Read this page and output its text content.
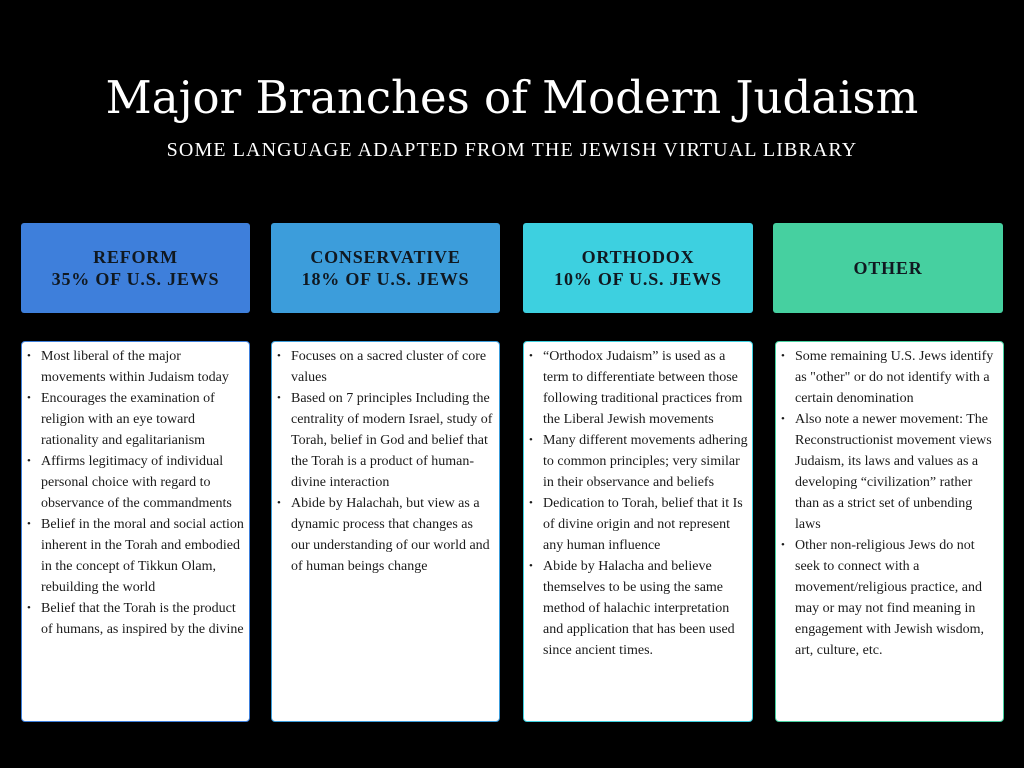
Major Branches of Modern Judaism
SOME LANGUAGE ADAPTED FROM THE JEWISH VIRTUAL LIBRARY
REFORM
35% OF U.S. JEWS
• Most liberal of the major movements within Judaism today
• Encourages the examination of religion with an eye toward rationality and egalitarianism
• Affirms legitimacy of individual personal choice with regard to observance of the commandments
• Belief in the moral and social action inherent in the Torah and embodied in the concept of Tikkun Olam, rebuilding the world
• Belief that the Torah is the product of humans, as inspired by the divine
CONSERVATIVE
18% OF U.S. JEWS
• Focuses on a sacred cluster of core values
• Based on 7 principles Including the centrality of modern Israel, study of Torah, belief in God and belief that the Torah is a product of human-divine interaction
• Abide by Halachah, but view as a dynamic process that changes as our understanding of our world and of human beings change
ORTHODOX
10% OF U.S. JEWS
• “Orthodox Judaism” is used as a term to differentiate between those following traditional practices from the Liberal Jewish movements
• Many different movements adhering to common principles; very similar in their observance and beliefs
• Dedication to Torah, belief that it Is of divine origin and not represent any human influence
• Abide by Halacha and believe themselves to be using the same method of halachic interpretation and application that has been used since ancient times.
OTHER
• Some remaining U.S. Jews identify as "other" or do not identify with a certain denomination
• Also note a newer movement: The Reconstructionist movement views Judaism, its laws and values as a developing “civilization” rather than as a strict set of unbending laws
• Other non-religious Jews do not seek to connect with a movement/religious practice, and may or may not find meaning in engagement with Jewish wisdom, art, culture, etc.
